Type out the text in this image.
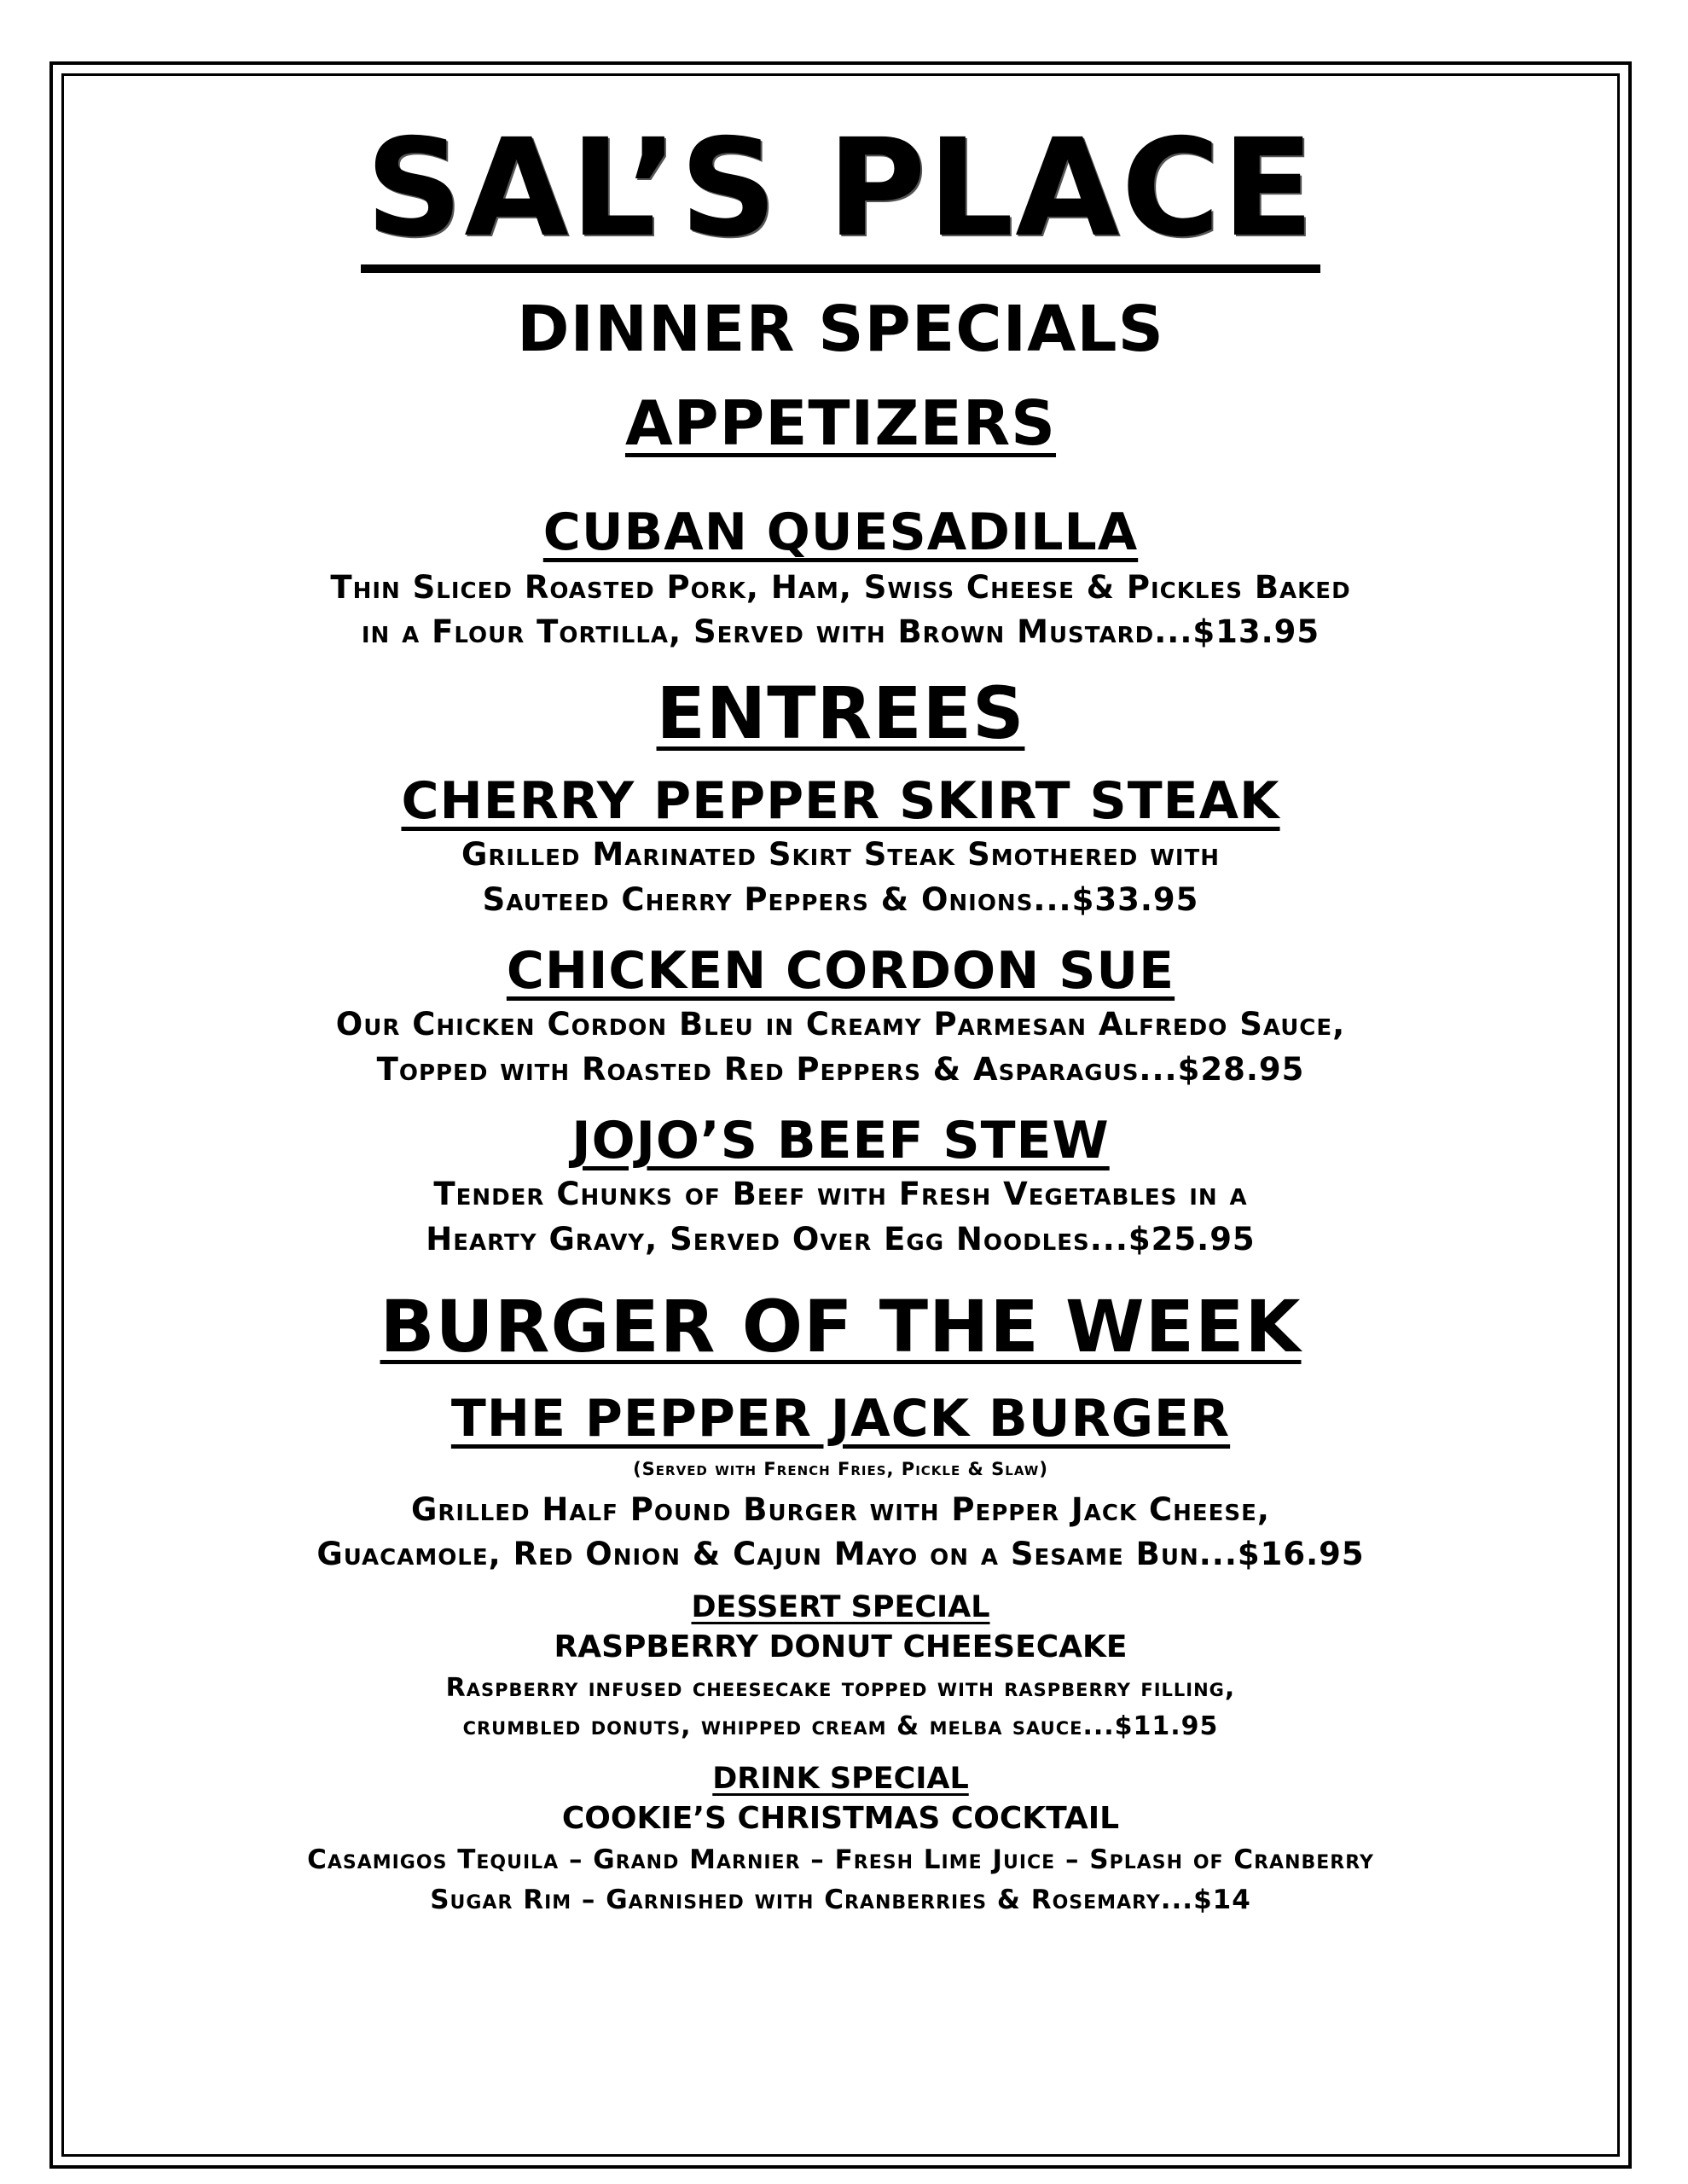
SAL’S PLACE
DINNER SPECIALS
APPETIZERS
CUBAN QUESADILLA
Thin Sliced Roasted Pork, Ham, Swiss Cheese & Pickles Baked
in a Flour Tortilla, Served with Brown Mustard...$13.95
ENTREES
CHERRY PEPPER SKIRT STEAK
Grilled Marinated Skirt Steak Smothered with
Sauteed Cherry Peppers & Onions...$33.95
CHICKEN CORDON SUE
Our Chicken Cordon Bleu in Creamy Parmesan Alfredo Sauce,
Topped with Roasted Red Peppers & Asparagus...$28.95
JOJO’S BEEF STEW
Tender Chunks of Beef with Fresh Vegetables in a
Hearty Gravy, Served Over Egg Noodles...$25.95
BURGER OF THE WEEK
THE PEPPER JACK BURGER
(Served with French Fries, Pickle & Slaw)
Grilled Half Pound Burger with Pepper Jack Cheese,
Guacamole, Red Onion & Cajun Mayo on a Sesame Bun...$16.95
DESSERT SPECIAL
RASPBERRY DONUT CHEESECAKE
Raspberry infused cheesecake topped with raspberry filling,
crumbled donuts, whipped cream & melba sauce...$11.95
DRINK SPECIAL
COOKIE’S CHRISTMAS COCKTAIL
Casamigos Tequila – Grand Marnier – Fresh Lime Juice – Splash of Cranberry
Sugar Rim – Garnished with Cranberries & Rosemary...$14
